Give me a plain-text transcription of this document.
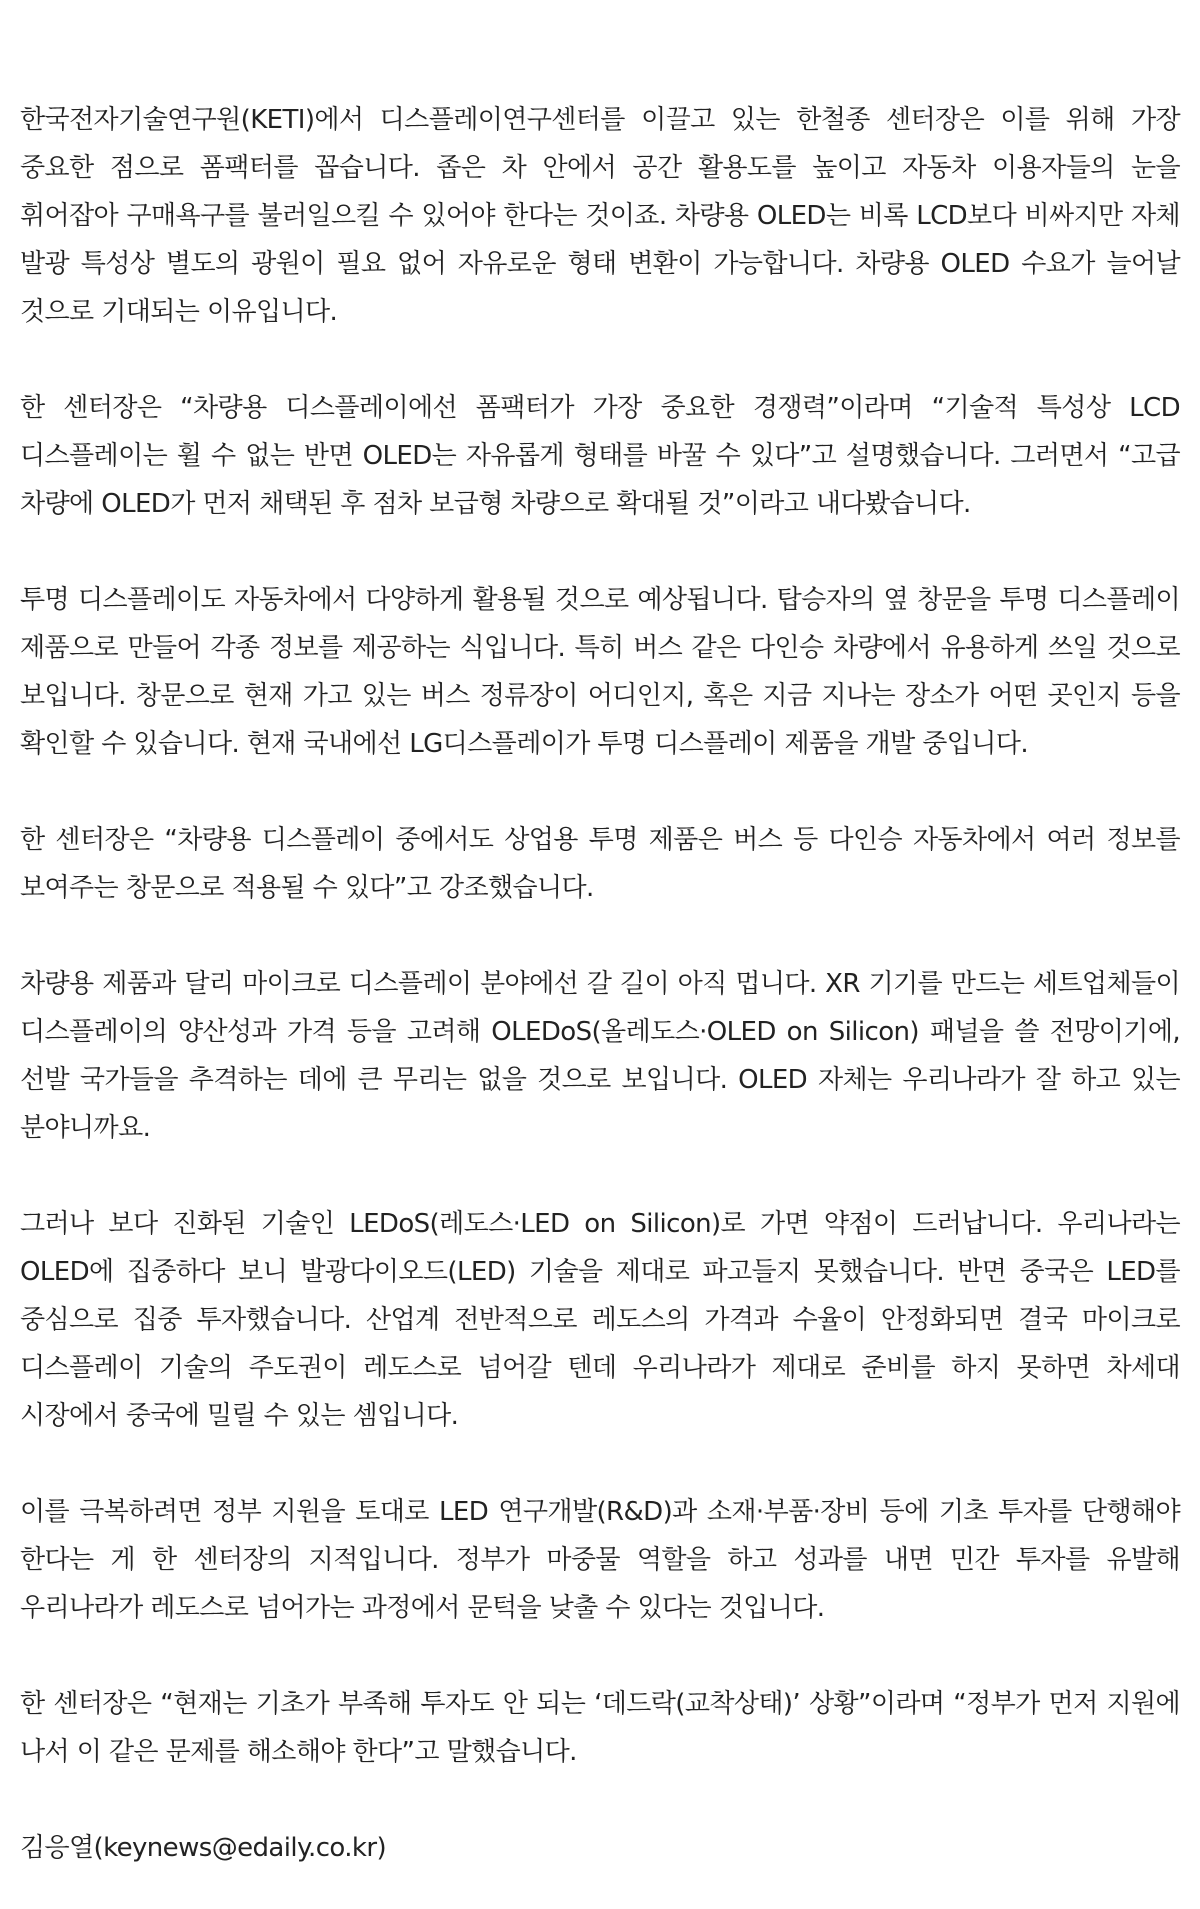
한국전자기술연구원(KETI)에서 디스플레이연구센터를 이끌고 있는 한철종 센터장은 이를 위해 가장 중요한 점으로 폼팩터를 꼽습니다. 좁은 차 안에서 공간 활용도를 높이고 자동차 이용자들의 눈을 휘어잡아 구매욕구를 불러일으킬 수 있어야 한다는 것이죠. 차량용 OLED는 비록 LCD보다 비싸지만 자체 발광 특성상 별도의 광원이 필요 없어 자유로운 형태 변환이 가능합니다. 차량용 OLED 수요가 늘어날 것으로 기대되는 이유입니다.

한 센터장은 “차량용 디스플레이에선 폼팩터가 가장 중요한 경쟁력”이라며 “기술적 특성상 LCD 디스플레이는 휠 수 없는 반면 OLED는 자유롭게 형태를 바꿀 수 있다”고 설명했습니다. 그러면서 “고급 차량에 OLED가 먼저 채택된 후 점차 보급형 차량으로 확대될 것”이라고 내다봤습니다.

투명 디스플레이도 자동차에서 다양하게 활용될 것으로 예상됩니다. 탑승자의 옆 창문을 투명 디스플레이 제품으로 만들어 각종 정보를 제공하는 식입니다. 특히 버스 같은 다인승 차량에서 유용하게 쓰일 것으로 보입니다. 창문으로 현재 가고 있는 버스 정류장이 어디인지, 혹은 지금 지나는 장소가 어떤 곳인지 등을 확인할 수 있습니다. 현재 국내에선 LG디스플레이가 투명 디스플레이 제품을 개발 중입니다.

한 센터장은 “차량용 디스플레이 중에서도 상업용 투명 제품은 버스 등 다인승 자동차에서 여러 정보를 보여주는 창문으로 적용될 수 있다”고 강조했습니다.

차량용 제품과 달리 마이크로 디스플레이 분야에선 갈 길이 아직 멉니다. XR 기기를 만드는 세트업체들이 디스플레이의 양산성과 가격 등을 고려해 OLEDoS(올레도스·OLED on Silicon) 패널을 쓸 전망이기에, 선발 국가들을 추격하는 데에 큰 무리는 없을 것으로 보입니다. OLED 자체는 우리나라가 잘 하고 있는 분야니까요.

그러나 보다 진화된 기술인 LEDoS(레도스·LED on Silicon)로 가면 약점이 드러납니다. 우리나라는 OLED에 집중하다 보니 발광다이오드(LED) 기술을 제대로 파고들지 못했습니다. 반면 중국은 LED를 중심으로 집중 투자했습니다. 산업계 전반적으로 레도스의 가격과 수율이 안정화되면 결국 마이크로 디스플레이 기술의 주도권이 레도스로 넘어갈 텐데 우리나라가 제대로 준비를 하지 못하면 차세대 시장에서 중국에 밀릴 수 있는 셈입니다.

이를 극복하려면 정부 지원을 토대로 LED 연구개발(R&D)과 소재·부품·장비 등에 기초 투자를 단행해야 한다는 게 한 센터장의 지적입니다. 정부가 마중물 역할을 하고 성과를 내면 민간 투자를 유발해 우리나라가 레도스로 넘어가는 과정에서 문턱을 낮출 수 있다는 것입니다.

한 센터장은 “현재는 기초가 부족해 투자도 안 되는 ‘데드락(교착상태)’ 상황”이라며 “정부가 먼저 지원에 나서 이 같은 문제를 해소해야 한다”고 말했습니다.

김응열(keynews@edaily.co.kr)
